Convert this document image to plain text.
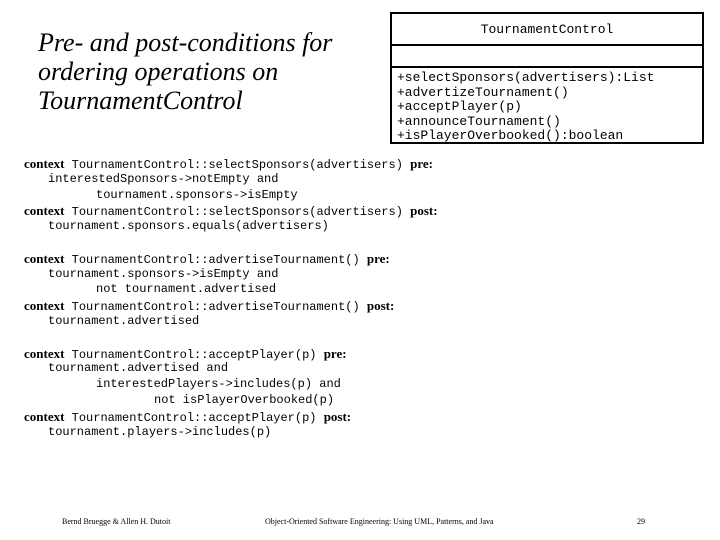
Pre- and post-conditions for ordering operations on TournamentControl
TournamentControl
+selectSponsors(advertisers):List
+advertizeTournament()
+acceptPlayer(p)
+announceTournament()
+isPlayerOverbooked():boolean
context TournamentControl::selectSponsors(advertisers) pre:
interestedSponsors->notEmpty and
tournament.sponsors->isEmpty
context TournamentControl::selectSponsors(advertisers) post:
tournament.sponsors.equals(advertisers)
context TournamentControl::advertiseTournament() pre:
tournament.sponsors->isEmpty and
not tournament.advertised
context TournamentControl::advertiseTournament() post:
tournament.advertised
context TournamentControl::acceptPlayer(p) pre:
tournament.advertised and
interestedPlayers->includes(p) and
not isPlayerOverbooked(p)
context TournamentControl::acceptPlayer(p) post:
tournament.players->includes(p)
Bernd Bruegge & Allen H. Dutoit	Object-Oriented Software Engineering: Using UML, Patterns, and Java	29
